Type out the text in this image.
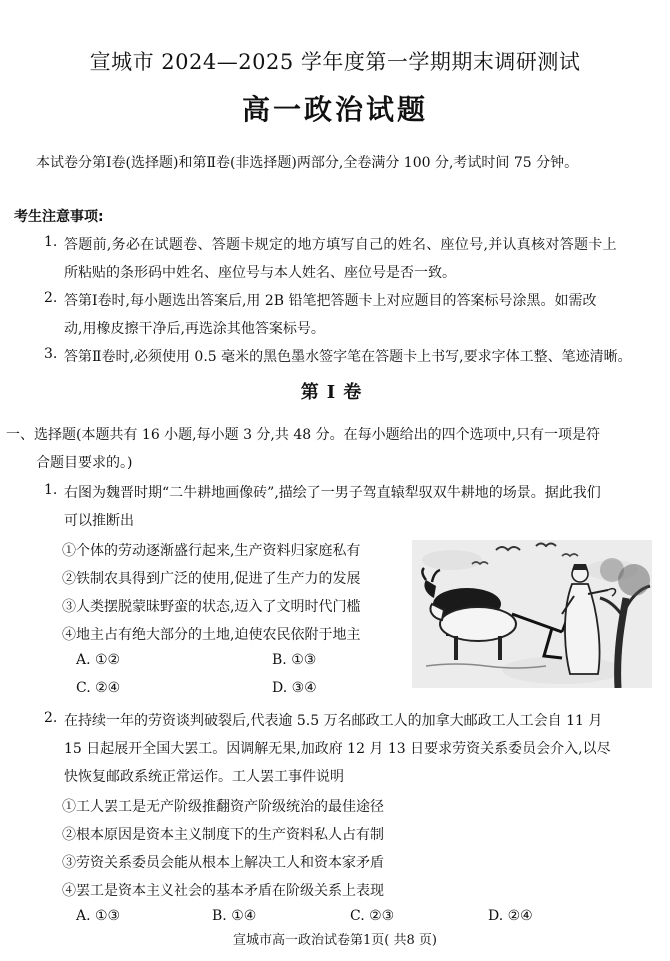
宣城市 2024—2025 学年度第一学期期末调研测试
高一政治试题
本试卷分第Ⅰ卷(选择题)和第Ⅱ卷(非选择题)两部分,全卷满分 100 分,考试时间 75 分钟。
考生注意事项:
1. 答题前,务必在试题卷、答题卡规定的地方填写自己的姓名、座位号,并认真核对答题卡上
所粘贴的条形码中姓名、座位号与本人姓名、座位号是否一致。
2. 答第Ⅰ卷时,每小题选出答案后,用 2B 铅笔把答题卡上对应题目的答案标号涂黑。如需改
动,用橡皮擦干净后,再选涂其他答案标号。
3. 答第Ⅱ卷时,必须使用 0.5 毫米的黑色墨水签字笔在答题卡上书写,要求字体工整、笔迹清晰。
第Ⅰ卷
一、选择题(本题共有 16 小题,每小题 3 分,共 48 分。在每小题给出的四个选项中,只有一项是符
合题目要求的。)
1. 右图为魏晋时期“二牛耕地画像砖”,描绘了一男子驾直辕犁驭双牛耕地的场景。据此我们
可以推断出
①个体的劳动逐渐盛行起来,生产资料归家庭私有
②铁制农具得到广泛的使用,促进了生产力的发展
③人类摆脱蒙昧野蛮的状态,迈入了文明时代门槛
④地主占有绝大部分的土地,迫使农民依附于地主
A. ①②	B. ①③
C. ②④	D. ③④
2. 在持续一年的劳资谈判破裂后,代表逾 5.5 万名邮政工人的加拿大邮政工人工会自 11 月
15 日起展开全国大罢工。因调解无果,加政府 12 月 13 日要求劳资关系委员会介入,以尽
快恢复邮政系统正常运作。工人罢工事件说明
①工人罢工是无产阶级推翻资产阶级统治的最佳途径
②根本原因是资本主义制度下的生产资料私人占有制
③劳资关系委员会能从根本上解决工人和资本家矛盾
④罢工是资本主义社会的基本矛盾在阶级关系上表现
A. ①③	B. ①④	C. ②③	D. ②④
宣城市高一政治试卷第1页( 共8 页)
